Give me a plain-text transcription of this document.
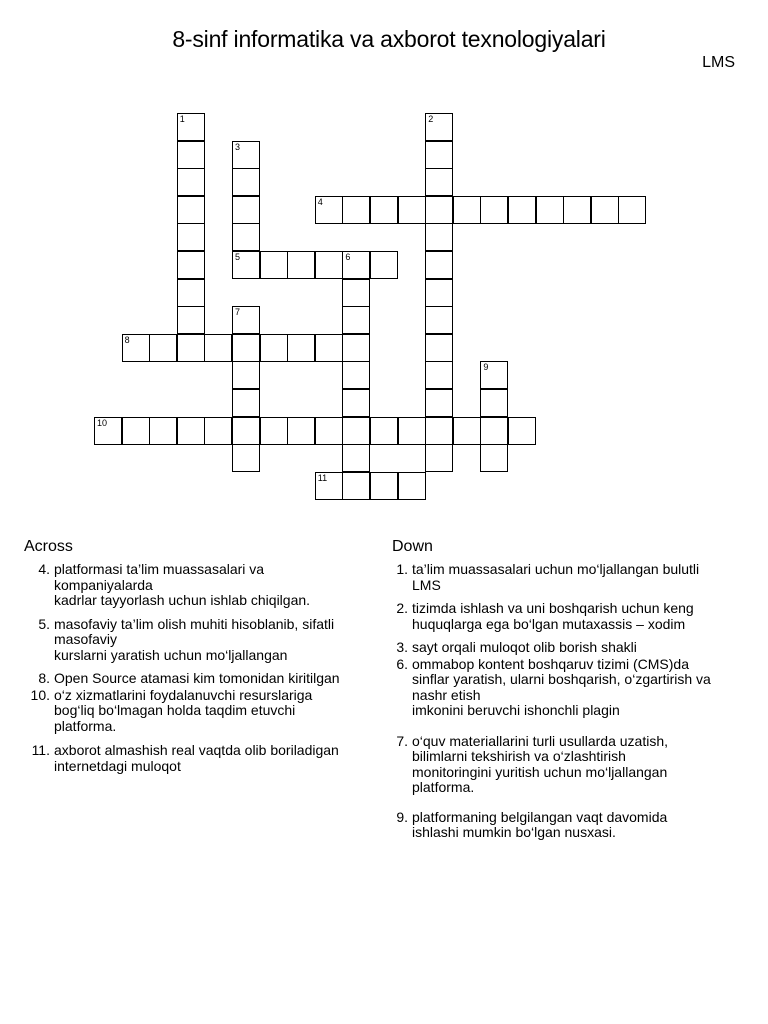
8-sinf informatika va axborot texnologiyalari
LMS
1	2
3
5
4
6
7
8
9
10
11
Across	Down
4. platformasi ta’lim muassasalari va
kompaniyalarda
kadrlar tayyorlash uchun ishlab chiqilgan.
5. masofaviy ta’lim olish muhiti hisoblanib, sifatli
masofaviy
kurslarni yaratish uchun mo‘ljallangan
8. Open Source atamasi kim tomonidan kiritilgan
10. o‘z xizmatlarini foydalanuvchi resurslariga
bog‘liq bo‘lmagan holda taqdim etuvchi
platforma.
11. axborot almashish real vaqtda olib boriladigan
internetdagi muloqot
1. ta’lim muassasalari uchun mo‘ljallangan bulutli
LMS
2. tizimda ishlash va uni boshqarish uchun keng
huquqlarga ega bo‘lgan mutaxassis – xodim
3. sayt orqali muloqot olib borish shakli
6. ommabop kontent boshqaruv tizimi (CMS)da
sinflar yaratish, ularni boshqarish, o‘zgartirish va
nashr etish
imkonini beruvchi ishonchli plagin
7. o‘quv materiallarini turli usullarda uzatish,
bilimlarni tekshirish va o‘zlashtirish
monitoringini yuritish uchun mo‘ljallangan
platforma.
9. platformaning belgilangan vaqt davomida
ishlashi mumkin bo‘lgan nusxasi.
